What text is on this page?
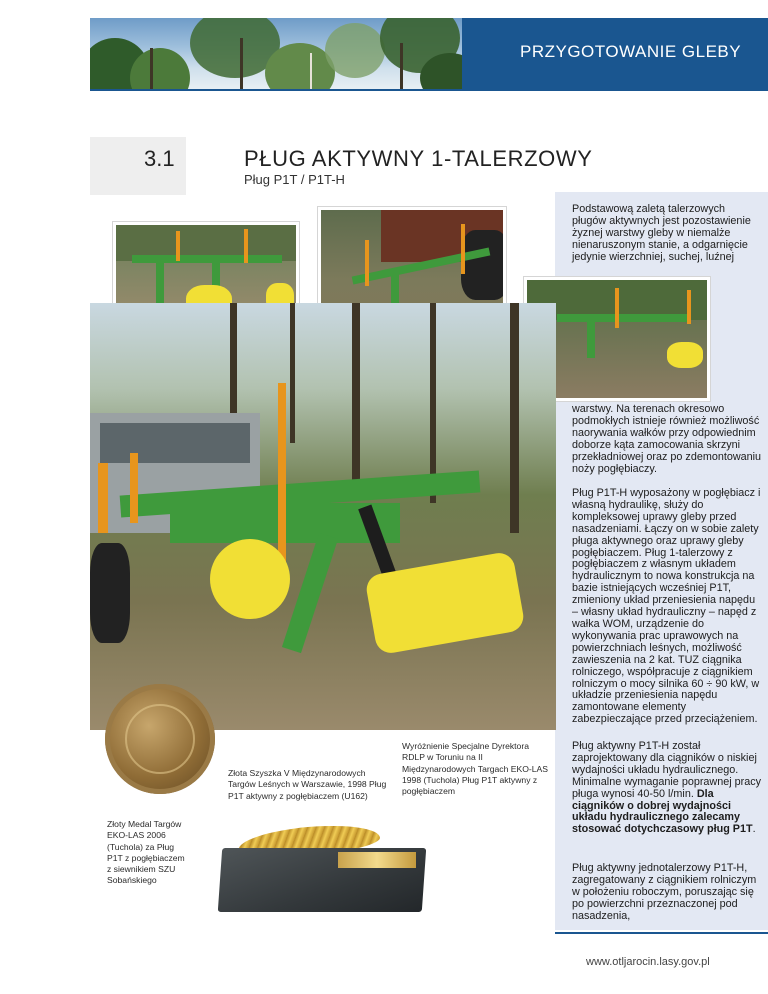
PRZYGOTOWANIE GLEBY
3.1	PŁUG AKTYWNY 1-TALERZOWY
Pług P1T / P1T-H

Podstawową zaletą talerzowych pługów aktywnych jest pozostawienie żyznej warstwy gleby w niemalże nienaruszonym stanie, a odgarnięcie jedynie wierzchniej, suchej, luźnej

warstwy. Na terenach okresowo podmokłych istnieje również możliwość naorywania wałków przy odpowiednim doborze kąta zamocowania skrzyni przekładniowej oraz po zdemontowaniu noży pogłębiaczy.

Pług P1T-H wyposażony w pogłębiacz i własną hydraulikę, służy do kompleksowej uprawy gleby przed nasadzeniami. Łączy on w sobie zalety pługa aktywnego oraz uprawy gleby pogłębiaczem. Pług 1-talerzowy z pogłębiaczem z własnym układem hydraulicznym to nowa konstrukcja na bazie istniejących wcześniej P1T, zmieniony układ przeniesienia napędu – własny układ hydrauliczny – napęd z wałka WOM, urządzenie do wykonywania prac uprawowych na powierzchniach leśnych, możliwość zawieszenia na 2 kat. TUZ ciągnika rolniczego, współpracuje z ciągnikiem rolniczym o mocy silnika 60 ÷ 90 kW, w układzie przeniesienia napędu zamontowane elementy zabezpieczające przed przeciążeniem.

Pług aktywny P1T-H został zaprojektowany dla ciągników o niskiej wydajności układu hydraulicznego. Minimalne wymaganie poprawnej pracy pługa wynosi 40-50 l/min. Dla ciągników o dobrej wydajności układu hydraulicznego zalecamy stosować dotychczasowy pług P1T.

Pług aktywny jednotalerzowy P1T-H, zagregatowany z ciągnikiem rolniczym w położeniu roboczym, poruszając się po powierzchni przeznaczonej pod nasadzenia,

Złoty Medal Targów EKO-LAS 2006 (Tuchola) za Pług P1T z pogłębiaczem z siewnikiem SZU Sobańskiego

Złota Szyszka V Międzynarodowych Targów Leśnych w Warszawie, 1998 Pług P1T aktywny z pogłębiaczem (U162)

Wyróżnienie Specjalne Dyrektora RDLP w Toruniu na II Międzynarodowych Targach EKO-LAS 1998 (Tuchola) Pług P1T aktywny z pogłębiaczem

www.otljarocin.lasy.gov.pl
